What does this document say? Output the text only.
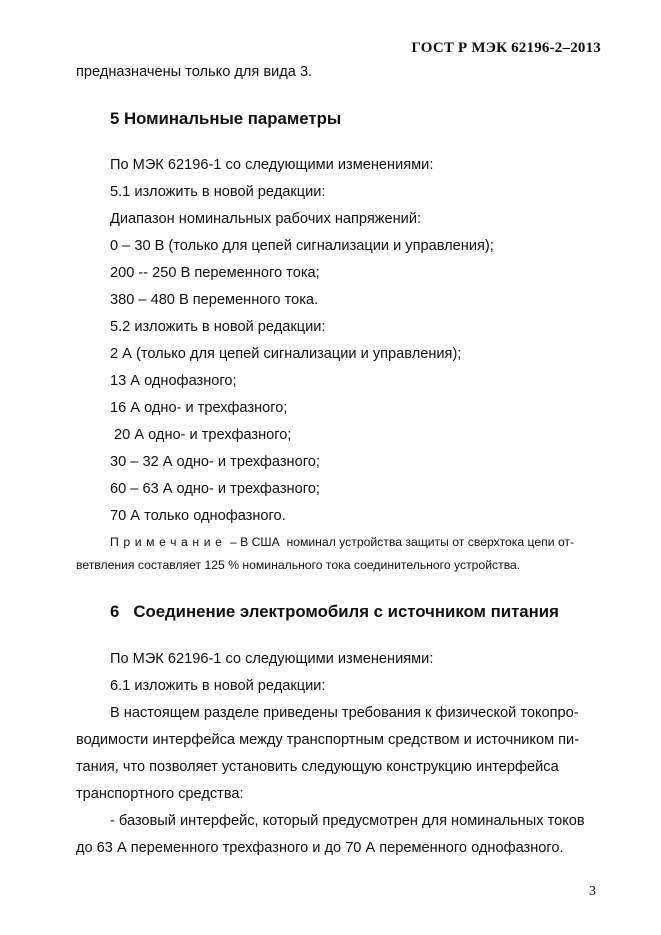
ГОСТ Р МЭК 62196-2–2013
предназначены только для вида 3.
5 Номинальные параметры
По МЭК 62196-1 со следующими изменениями:
5.1 изложить в новой редакции:
Диапазон номинальных рабочих напряжений:
0 – 30 В (только для цепей сигнализации и управления);
200 -- 250 В переменного тока;
380 – 480 В переменного тока.
5.2 изложить в новой редакции:
2 А (только для цепей сигнализации и управления);
13 А однофазного;
16 А одно- и трехфазного;
20 А одно- и трехфазного;
30 – 32 А одно- и трехфазного;
60 – 63 А одно- и трехфазного;
70 А только однофазного.
Примечание – В США  номинал устройства защиты от сверхтока цепи от-
ветвления составляет 125 % номинального тока соединительного устройства.
6   Соединение электромобиля с источником питания
По МЭК 62196-1 со следующими изменениями:
6.1 изложить в новой редакции:
В настоящем разделе приведены требования к физической токопро-
водимости интерфейса между транспортным средством и источником пи-
тания, что позволяет установить следующую конструкцию интерфейса
транспортного средства:
- базовый интерфейс, который предусмотрен для номинальных токов
до 63 А переменного трехфазного и до 70 А переменного однофазного.
3
